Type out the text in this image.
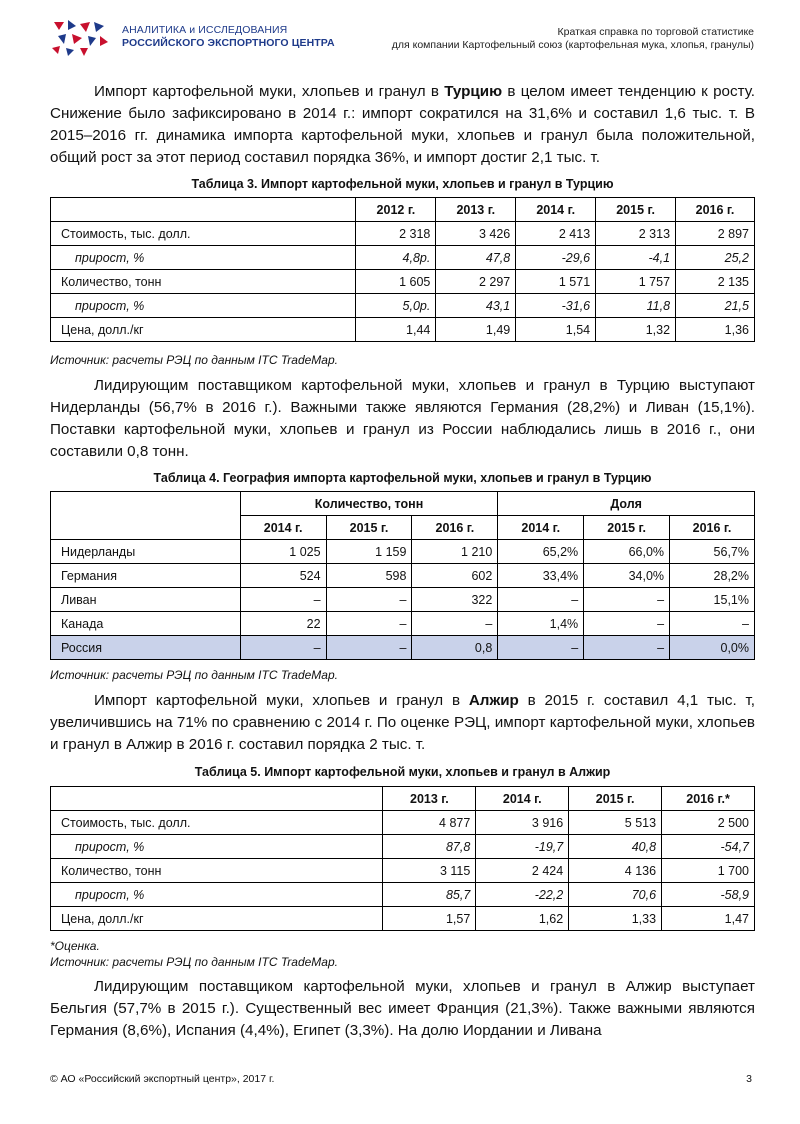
АНАЛИТИКА и ИССЛЕДОВАНИЯ
РОССИЙСКОГО ЭКСПОРТНОГО ЦЕНТРА
Краткая справка по торговой статистике
для компании Картофельный союз (картофельная мука, хлопья, гранулы)

Импорт картофельной муки, хлопьев и гранул в Турцию в целом имеет тенденцию к росту. Снижение было зафиксировано в 2014 г.: импорт сократился на 31,6% и составил 1,6 тыс. т. В 2015–2016 гг. динамика импорта картофельной муки, хлопьев и гранул была положительной, общий рост за этот период составил порядка 36%, и импорт достиг 2,1 тыс. т.

Таблица 3. Импорт картофельной муки, хлопьев и гранул в Турцию
	2012 г.	2013 г.	2014 г.	2015 г.	2016 г.
Стоимость, тыс. долл.	2 318	3 426	2 413	2 313	2 897
прирост, %	4,8р.	47,8	-29,6	-4,1	25,2
Количество, тонн	1 605	2 297	1 571	1 757	2 135
прирост, %	5,0р.	43,1	-31,6	11,8	21,5
Цена, долл./кг	1,44	1,49	1,54	1,32	1,36
Источник: расчеты РЭЦ по данным ITC TradeMap.

Лидирующим поставщиком картофельной муки, хлопьев и гранул в Турцию выступают Нидерланды (56,7% в 2016 г.). Важными также являются Германия (28,2%) и Ливан (15,1%). Поставки картофельной муки, хлопьев и гранул из России наблюдались лишь в 2016 г., они составили 0,8 тонн.

Таблица 4. География импорта картофельной муки, хлопьев и гранул в Турцию
	Количество, тонн			Доля		
	2014 г.	2015 г.	2016 г.	2014 г.	2015 г.	2016 г.
Нидерланды	1 025	1 159	1 210	65,2%	66,0%	56,7%
Германия	524	598	602	33,4%	34,0%	28,2%
Ливан	–	–	322	–	–	15,1%
Канада	22	–	–	1,4%	–	–
Россия	–	–	0,8	–	–	0,0%
Источник: расчеты РЭЦ по данным ITC TradeMap.

Импорт картофельной муки, хлопьев и гранул в Алжир в 2015 г. составил 4,1 тыс. т, увеличившись на 71% по сравнению с 2014 г. По оценке РЭЦ, импорт картофельной муки, хлопьев и гранул в Алжир в 2016 г. составил порядка 2 тыс. т.

Таблица 5. Импорт картофельной муки, хлопьев и гранул в Алжир
	2013 г.	2014 г.	2015 г.	2016 г.*
Стоимость, тыс. долл.	4 877	3 916	5 513	2 500
прирост, %	87,8	-19,7	40,8	-54,7
Количество, тонн	3 115	2 424	4 136	1 700
прирост, %	85,7	-22,2	70,6	-58,9
Цена, долл./кг	1,57	1,62	1,33	1,47
*Оценка.
Источник: расчеты РЭЦ по данным ITC TradeMap.

Лидирующим поставщиком картофельной муки, хлопьев и гранул в Алжир выступает Бельгия (57,7% в 2015 г.). Существенный вес имеет Франция (21,3%). Также важными являются Германия (8,6%), Испания (4,4%), Египет (3,3%). На долю Иордании и Ливана

© АО «Российский экспортный центр», 2017 г.	3
